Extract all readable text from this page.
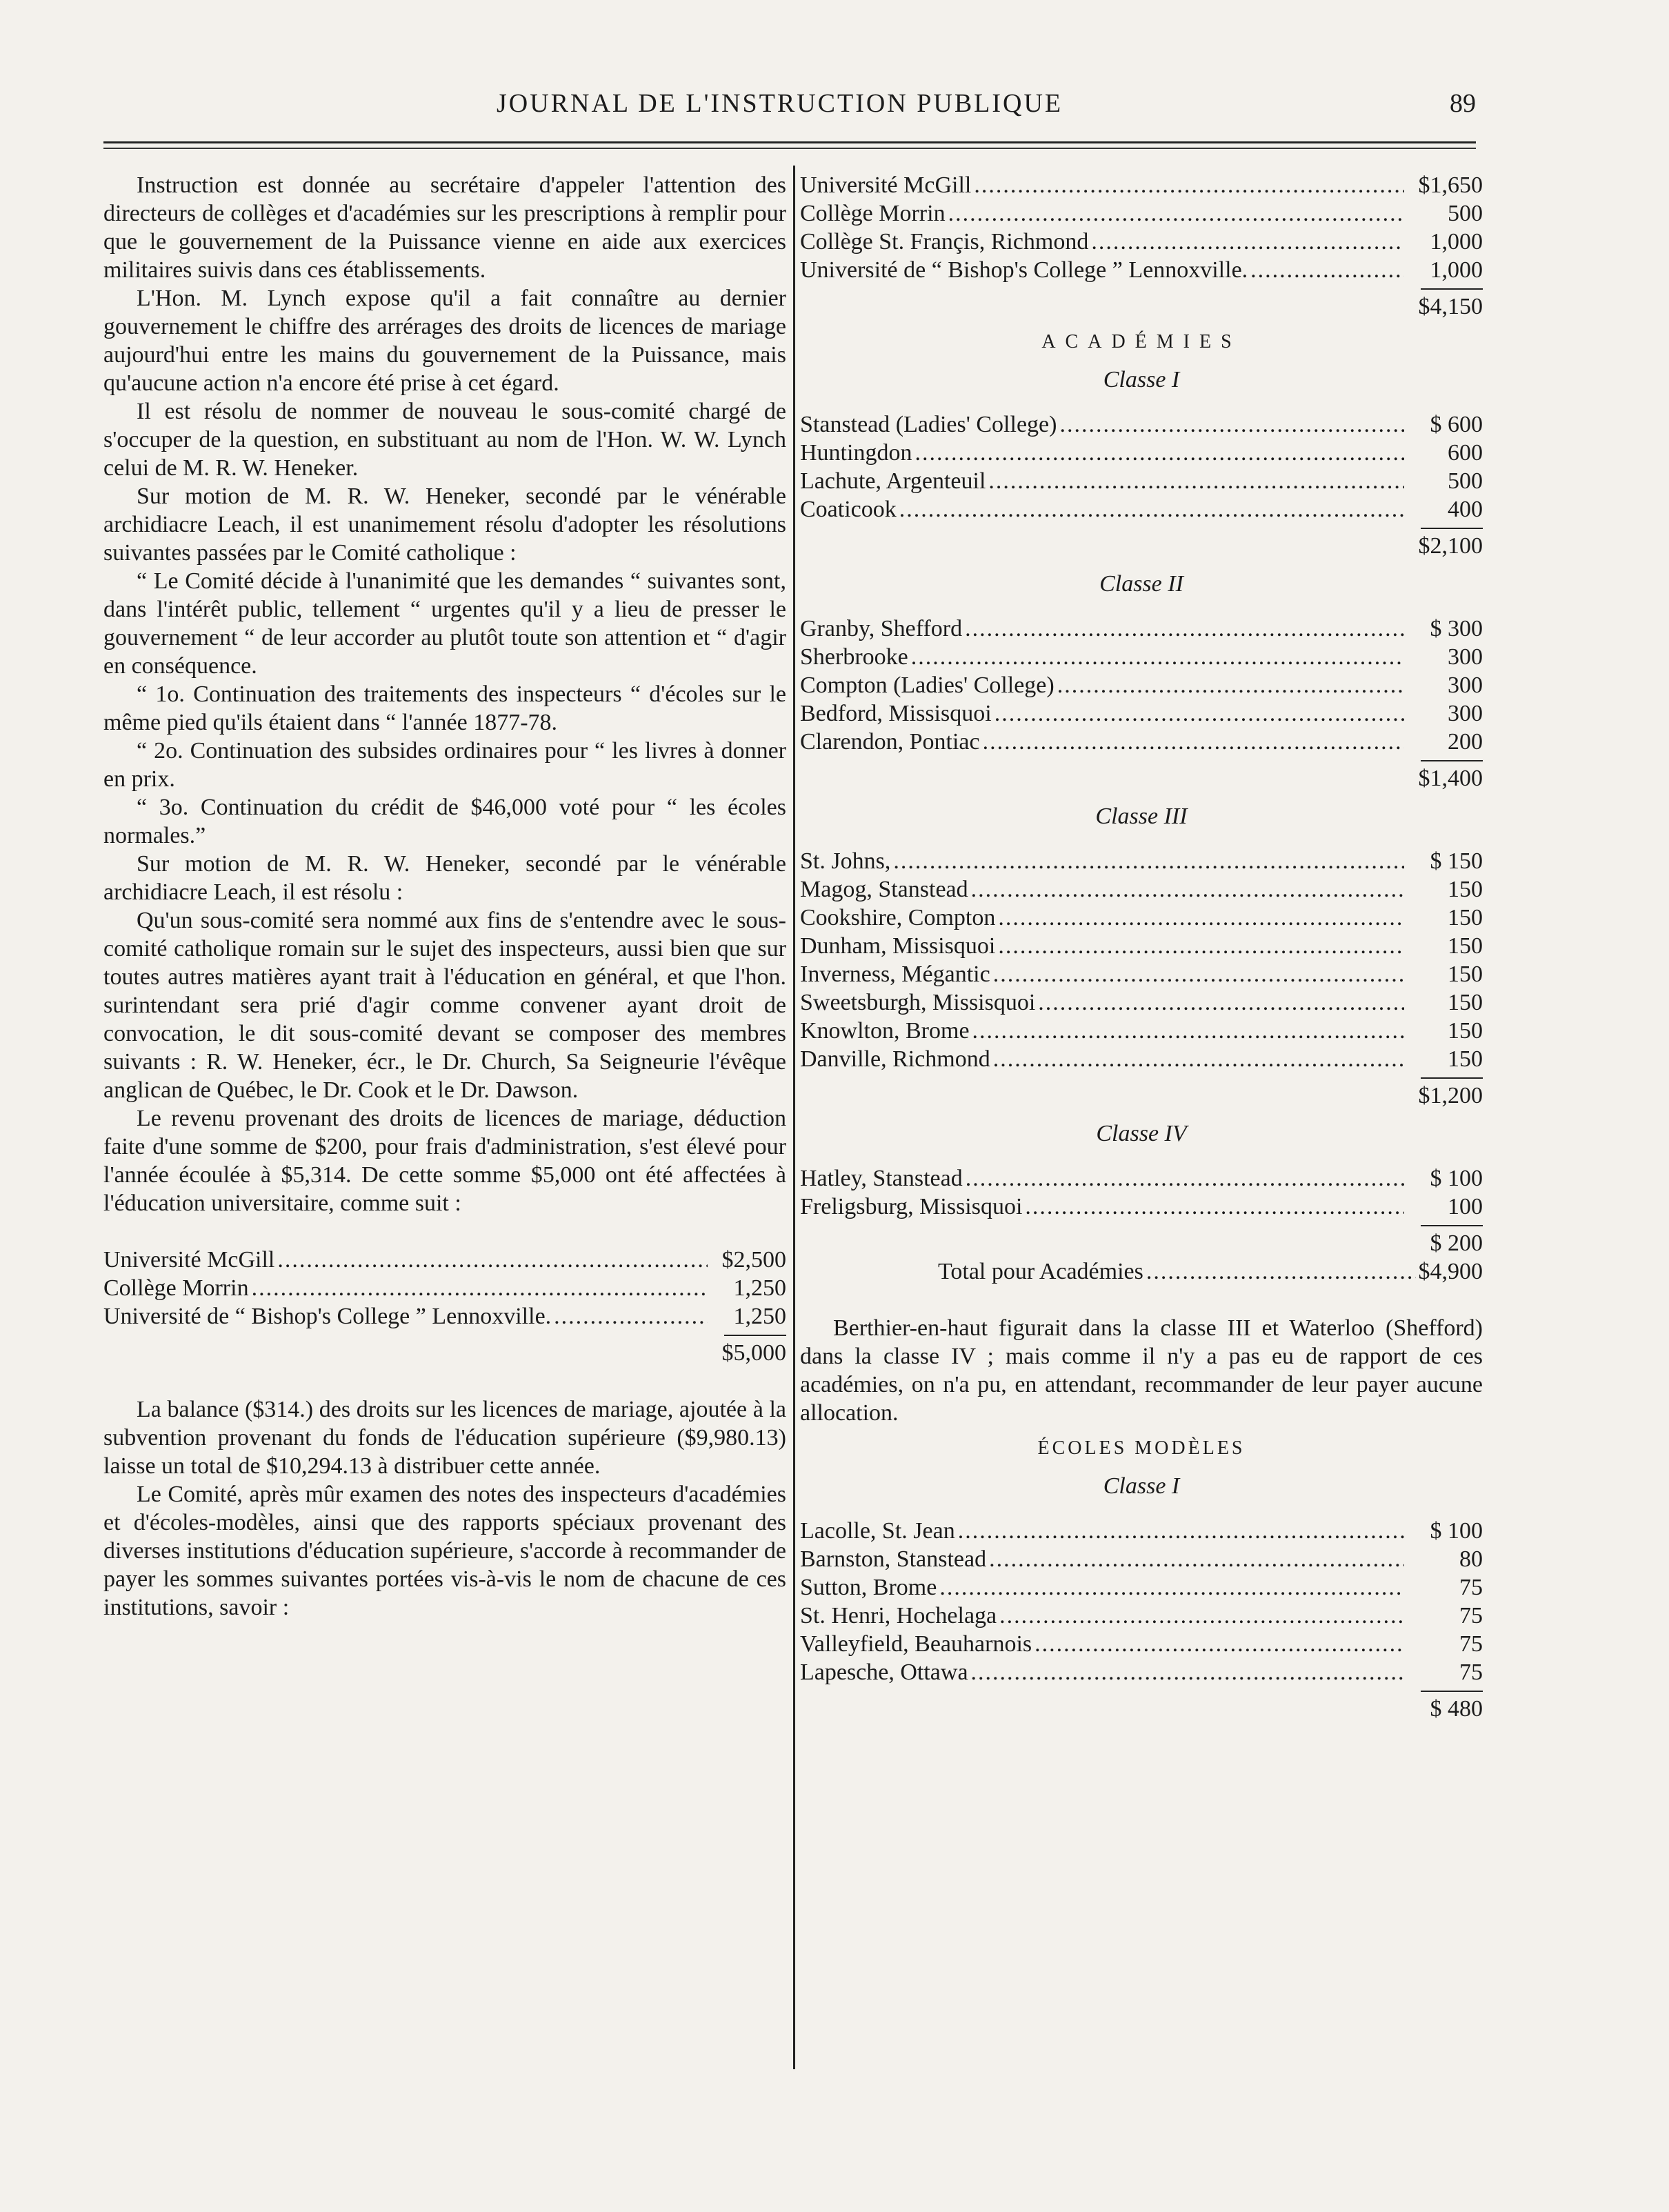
JOURNAL DE L'INSTRUCTION PUBLIQUE	89

Instruction est donnée au secrétaire d'appeler l'attention des directeurs de collèges et d'académies sur les prescriptions à remplir pour que le gouvernement de la Puissance vienne en aide aux exercices militaires suivis dans ces établissements.

L'Hon. M. Lynch expose qu'il a fait connaître au dernier gouvernement le chiffre des arrérages des droits de licences de mariage aujourd'hui entre les mains du gouvernement de la Puissance, mais qu'aucune action n'a encore été prise à cet égard.

Il est résolu de nommer de nouveau le sous-comité chargé de s'occuper de la question, en substituant au nom de l'Hon. W. W. Lynch celui de M. R. W. Heneker.

Sur motion de M. R. W. Heneker, secondé par le vénérable archidiacre Leach, il est unanimement résolu d'adopter les résolutions suivantes passées par le Comité catholique :

“ Le Comité décide à l'unanimité que les demandes “ suivantes sont, dans l'intérêt public, tellement “ urgentes qu'il y a lieu de presser le gouvernement “ de leur accorder au plutôt toute son attention et “ d'agir en conséquence.

“ 1o. Continuation des traitements des inspecteurs “ d'écoles sur le même pied qu'ils étaient dans “ l'année 1877-78.

“ 2o. Continuation des subsides ordinaires pour “ les livres à donner en prix.

“ 3o. Continuation du crédit de $46,000 voté pour “ les écoles normales.”

Sur motion de M. R. W. Heneker, secondé par le vénérable archidiacre Leach, il est résolu :

Qu'un sous-comité sera nommé aux fins de s'entendre avec le sous-comité catholique romain sur le sujet des inspecteurs, aussi bien que sur toutes autres matières ayant trait à l'éducation en général, et que l'hon. surintendant sera prié d'agir comme convener ayant droit de convocation, le dit sous-comité devant se composer des membres suivants : R. W. Heneker, écr., le Dr. Church, Sa Seigneurie l'évêque anglican de Québec, le Dr. Cook et le Dr. Dawson.

Le revenu provenant des droits de licences de mariage, déduction faite d'une somme de $200, pour frais d'administration, s'est élevé pour l'année écoulée à $5,314. De cette somme $5,000 ont été affectées à l'éducation universitaire, comme suit :

Université McGill .....	$2,500
Collège Morrin .....	1,250
Université de “ Bishop's College ” Lennoxville. .....	1,250
$5,000

La balance ($314.) des droits sur les licences de mariage, ajoutée à la subvention provenant du fonds de l'éducation supérieure ($9,980.13) laisse un total de $10,294.13 à distribuer cette année.

Le Comité, après mûr examen des notes des inspecteurs d'académies et d'écoles-modèles, ainsi que des rapports spéciaux provenant des diverses institutions d'éducation supérieure, s'accorde à recommander de payer les sommes suivantes portées vis-à-vis le nom de chacune de ces institutions, savoir :

Université McGill .....	$1,650
Collège Morrin .....	500
Collège St. Françis, Richmond .....	1,000
Université de “ Bishop's College ” Lennoxville. .....	1,000
$4,150
ACADÉMIES
Classe I
Stanstead (Ladies' College) .....	$ 600
Huntingdon .....	600
Lachute, Argenteuil .....	500
Coaticook .....	400
$2,100
Classe II
Granby, Shefford .....	$ 300
Sherbrooke .....	300
Compton (Ladies' College) .....	300
Bedford, Missisquoi .....	300
Clarendon, Pontiac .....	200
$1,400
Classe III
St. Johns, .....	$ 150
Magog, Stanstead .....	150
Cookshire, Compton .....	150
Dunham, Missisquoi .....	150
Inverness, Mégantic .....	150
Sweetsburgh, Missisquoi .....	150
Knowlton, Brome .....	150
Danville, Richmond .....	150
$1,200
Classe IV
Hatley, Stanstead .....	$ 100
Freligsburg, Missisquoi .....	100
$ 200
Total pour Académies .....	$4,900

Berthier-en-haut figurait dans la classe III et Waterloo (Shefford) dans la classe IV ; mais comme il n'y a pas eu de rapport de ces académies, on n'a pu, en attendant, recommander de leur payer aucune allocation.

ÉCOLES MODÈLES
Classe I
Lacolle, St. Jean .....	$ 100
Barnston, Stanstead .....	80
Sutton, Brome .....	75
St. Henri, Hochelaga .....	75
Valleyfield, Beauharnois .....	75
Lapesche, Ottawa .....	75
$ 480
